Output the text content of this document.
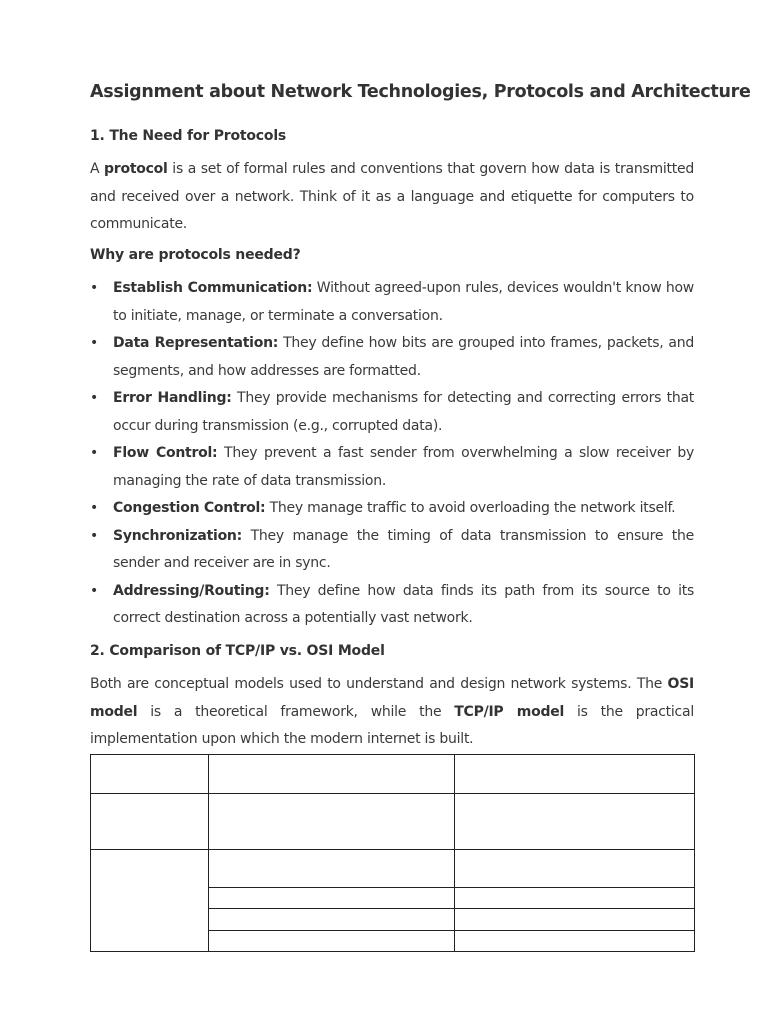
Assignment about Network Technologies, Protocols and Architecture
1. The Need for Protocols
A protocol is a set of formal rules and conventions that govern how data is transmitted and received over a network. Think of it as a language and etiquette for computers to communicate.
Why are protocols needed?
• Establish Communication: Without agreed-upon rules, devices wouldn't know how to initiate, manage, or terminate a conversation.
• Data Representation: They define how bits are grouped into frames, packets, and segments, and how addresses are formatted.
• Error Handling: They provide mechanisms for detecting and correcting errors that occur during transmission (e.g., corrupted data).
• Flow Control: They prevent a fast sender from overwhelming a slow receiver by managing the rate of data transmission.
• Congestion Control: They manage traffic to avoid overloading the network itself.
• Synchronization: They manage the timing of data transmission to ensure the sender and receiver are in sync.
• Addressing/Routing: They define how data finds its path from its source to its correct destination across a potentially vast network.
2. Comparison of TCP/IP vs. OSI Model
Both are conceptual models used to understand and design network systems. The OSI model is a theoretical framework, while the TCP/IP model is the practical implementation upon which the modern internet is built.
